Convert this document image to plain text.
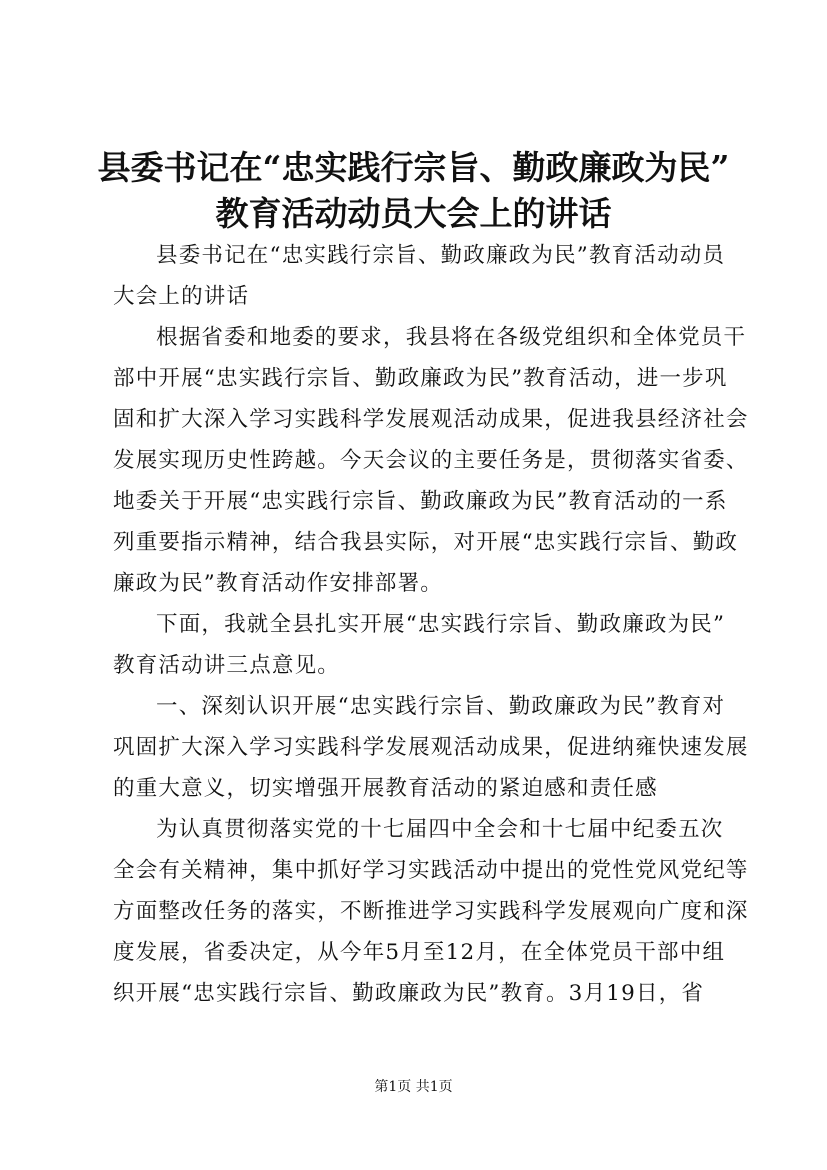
县委书记在“忠实践行宗旨、勤政廉政为民”
教育活动动员大会上的讲话
县委书记在“忠实践行宗旨、勤政廉政为民”教育活动动员
大会上的讲话
根据省委和地委的要求，我县将在各级党组织和全体党员干
部中开展“忠实践行宗旨、勤政廉政为民”教育活动，进一步巩
固和扩大深入学习实践科学发展观活动成果，促进我县经济社会
发展实现历史性跨越。今天会议的主要任务是，贯彻落实省委、
地委关于开展“忠实践行宗旨、勤政廉政为民”教育活动的一系
列重要指示精神，结合我县实际，对开展“忠实践行宗旨、勤政
廉政为民”教育活动作安排部署。
下面，我就全县扎实开展“忠实践行宗旨、勤政廉政为民”
教育活动讲三点意见。
一、深刻认识开展“忠实践行宗旨、勤政廉政为民”教育对
巩固扩大深入学习实践科学发展观活动成果，促进纳雍快速发展
的重大意义，切实增强开展教育活动的紧迫感和责任感
为认真贯彻落实党的十七届四中全会和十七届中纪委五次
全会有关精神，集中抓好学习实践活动中提出的党性党风党纪等
方面整改任务的落实，不断推进学习实践科学发展观向广度和深
度发展，省委决定，从今年5月至12月，在全体党员干部中组
织开展“忠实践行宗旨、勤政廉政为民”教育。3月19日，省
第1页 共1页
